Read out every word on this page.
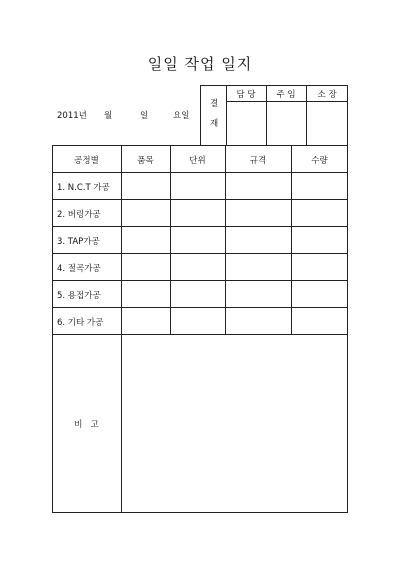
일일 작업 일지
2011년 월	일	요일
결
재
담 당	주 임	소 장
공정별	품목	단위	규격	수량
1. N.C.T 가공
2. 버링가공
3. TAP가공
4. 절곡가공
5. 용접가공
6. 기타 가공
비   고
